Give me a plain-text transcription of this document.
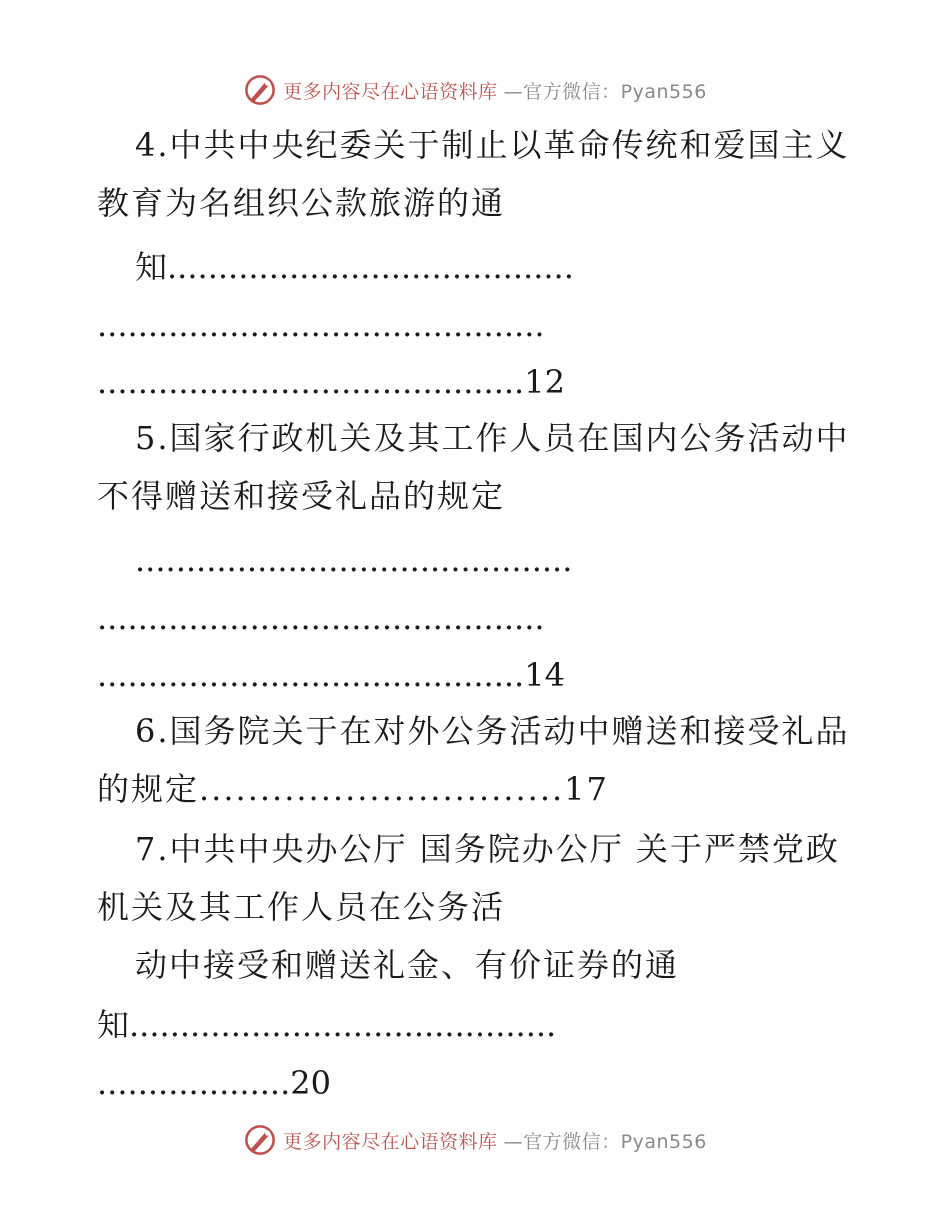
更多内容尽在心语资料库 —官方微信：Pyan556
4.中共中央纪委关于制止以革命传统和爱国主义
教育为名组织公款旅游的通
知........................................
............................................
..........................................12
5.国家行政机关及其工作人员在国内公务活动中
不得赠送和接受礼品的规定
...........................................
............................................
..........................................14
6.国务院关于在对外公务活动中赠送和接受礼品
的规定..............................17
7.中共中央办公厅 国务院办公厅 关于严禁党政
机关及其工作人员在公务活
动中接受和赠送礼金、有价证券的通
知..........................................
...................20
更多内容尽在心语资料库 —官方微信：Pyan556
